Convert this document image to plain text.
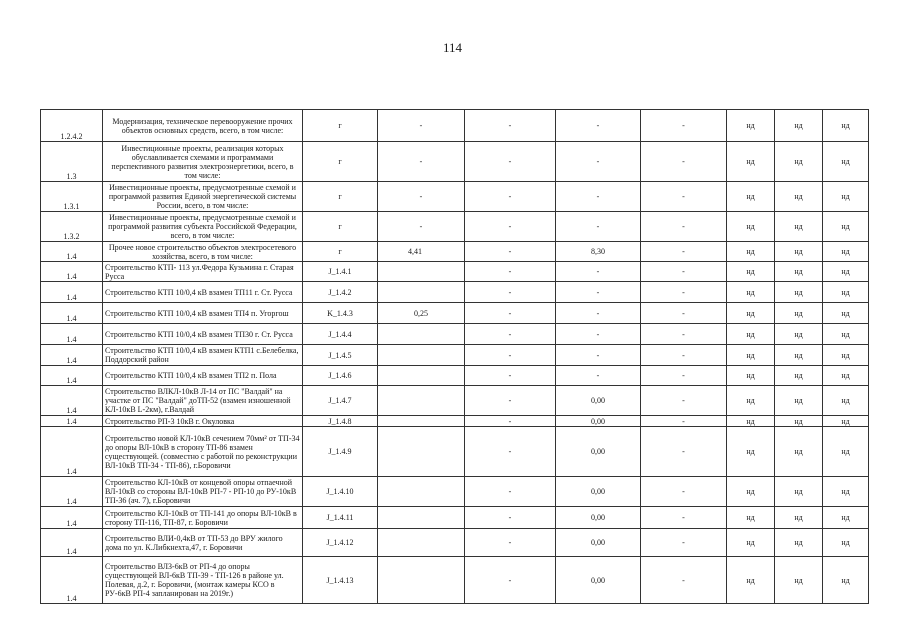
114
1.2.4.2	Модернизация, техническое перевооружение прочих объектов основных средств, всего, в том числе:	г	-	-	-	-	нд	нд	нд
1.3	Инвестиционные проекты, реализация которых обуславливается схемами и программами перспективного развития электроэнергетики, всего, в том числе:	г	-	-	-	-	нд	нд	нд
1.3.1	Инвестиционные проекты, предусмотренные схемой и программой развития Единой энергетической системы России, всего, в том числе:	г	-	-	-	-	нд	нд	нд
1.3.2	Инвестиционные проекты, предусмотренные схемой и программой развития субъекта Российской Федерации, всего, в том числе:	г	-	-	-	-	нд	нд	нд
1.4	Прочее новое строительство объектов электросетевого хозяйства, всего, в том числе:	г	4,41	-	8,30	-	нд	нд	нд
1.4	Строительство КТП- 113 ул.Федора Кузьмина г. Старая Русса	J_1.4.1		-	-	-	нд	нд	нд
1.4	Строительство КТП 10/0,4 кВ взамен ТП11 г. Ст. Русса	J_1.4.2		-	-	-	нд	нд	нд
1.4	Строительство КТП 10/0,4 кВ взамен ТП4 п. Угоргош	K_1.4.3	0,25	-	-	-	нд	нд	нд
1.4	Строительство КТП 10/0,4 кВ взамен ТП30 г. Ст. Русса	J_1.4.4		-	-	-	нд	нд	нд
1.4	Строительство КТП 10/0,4 кВ взамен КТП1 с.Белебелка, Поддорский район	J_1.4.5		-	-	-	нд	нд	нд
1.4	Строительство КТП 10/0,4 кВ взамен ТП2 п. Пола	J_1.4.6		-	-	-	нд	нд	нд
1.4	Строительство ВЛКЛ-10кВ Л-14 от ПС "Валдай" на участке от ПС "Валдай" доТП-52 (взамен изношенной КЛ-10кВ L-2км), г.Валдай	J_1.4.7		-	0,00	-	нд	нд	нд
1.4	Строительство РП-3 10кВ г. Окуловка	J_1.4.8		-	0,00	-	нд	нд	нд
1.4	Строительство новой КЛ-10кВ сечением 70мм² от ТП-34 до опоры ВЛ-10кВ в сторону ТП-86 взамен существующей. (совместно с работой по реконструкции ВЛ-10кВ ТП-34 - ТП-86), г.Боровичи	J_1.4.9		-	0,00	-	нд	нд	нд
1.4	Строительство КЛ-10кВ от концевой опоры отпаечной ВЛ-10кВ со стороны ВЛ-10кВ РП-7 - РП-10 до РУ-10кВ ТП-36 (ач. 7), г.Боровичи	J_1.4.10		-	0,00	-	нд	нд	нд
1.4	Строительство КЛ-10кВ от ТП-141 до опоры ВЛ-10кВ в сторону ТП-116, ТП-87, г. Боровичи	J_1.4.11		-	0,00	-	нд	нд	нд
1.4	Строительство ВЛИ-0,4кВ от ТП-53 до ВРУ жилого дома по ул. К.Либкнехта,47, г. Боровичи	J_1.4.12		-	0,00	-	нд	нд	нд
1.4	Строительство ВЛЗ-6кВ от РП-4 до опоры существующей ВЛ-6кВ ТП-39 - ТП-126 в районе ул. Полевая, д.2, г. Боровичи, (монтаж камеры КСО в РУ-6кВ РП-4 запланирован на 2019г.)	J_1.4.13		-	0,00	-	нд	нд	нд
